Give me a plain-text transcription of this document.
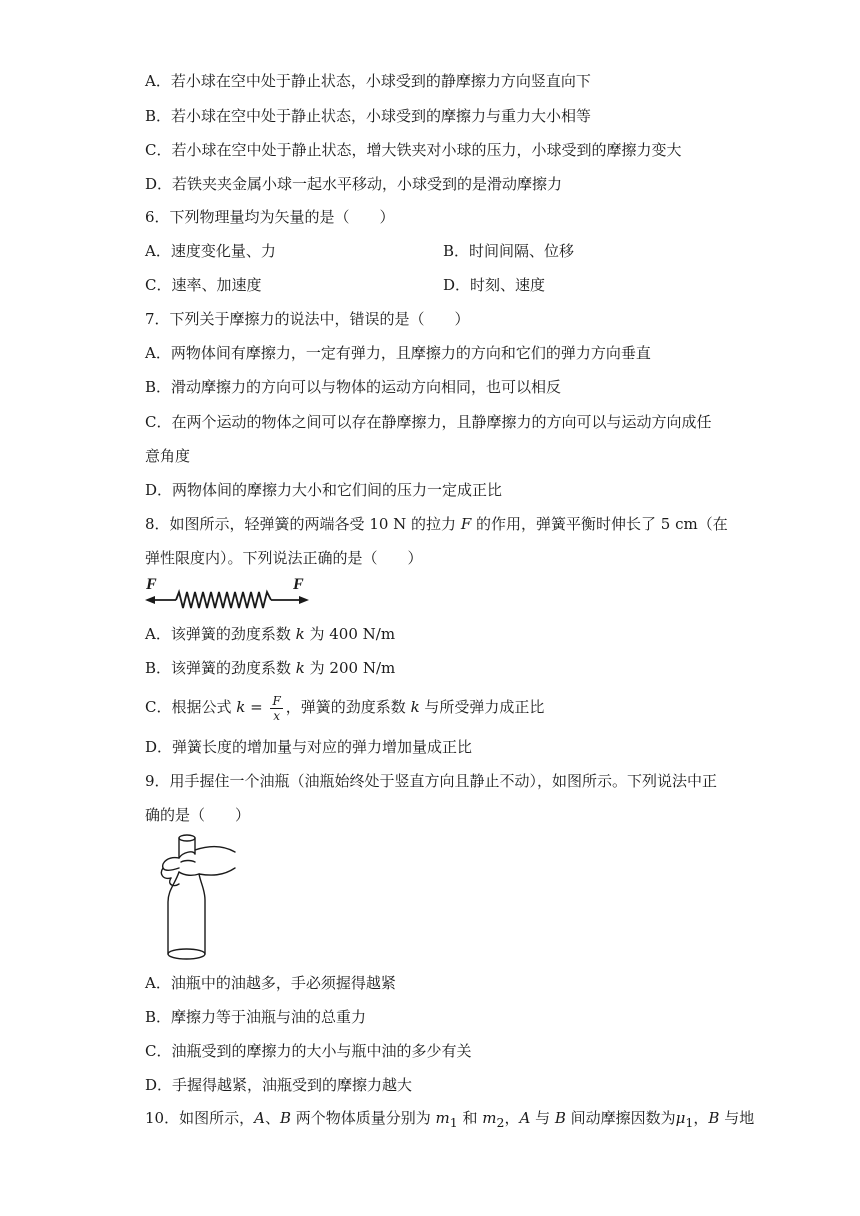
A．若小球在空中处于静止状态，小球受到的静摩擦力方向竖直向下
B．若小球在空中处于静止状态，小球受到的摩擦力与重力大小相等
C．若小球在空中处于静止状态，增大铁夹对小球的压力，小球受到的摩擦力变大
D．若铁夹夹金属小球一起水平移动，小球受到的是滑动摩擦力
6．下列物理量均为矢量的是（　　）
A．速度变化量、力	B．时间间隔、位移
C．速率、加速度	D．时刻、速度
7．下列关于摩擦力的说法中，错误的是（　　）
A．两物体间有摩擦力，一定有弹力，且摩擦力的方向和它们的弹力方向垂直
B．滑动摩擦力的方向可以与物体的运动方向相同，也可以相反
C．在两个运动的物体之间可以存在静摩擦力，且静摩擦力的方向可以与运动方向成任
意角度
D．两物体间的摩擦力大小和它们间的压力一定成正比
8．如图所示，轻弹簧的两端各受 10 N 的拉力 F 的作用，弹簧平衡时伸长了 5 cm（在
弹性限度内）。下列说法正确的是（　　）
F	F
A．该弹簧的劲度系数 k 为 400 N/m
B．该弹簧的劲度系数 k 为 200 N/m
C．根据公式 $k = \frac{F}{x}$ ，弹簧的劲度系数 k 与所受弹力成正比
D．弹簧长度的增加量与对应的弹力增加量成正比
9．用手握住一个油瓶（油瓶始终处于竖直方向且静止不动），如图所示。下列说法中正
确的是（　　）
A．油瓶中的油越多，手必须握得越紧
B．摩擦力等于油瓶与油的总重力
C．油瓶受到的摩擦力的大小与瓶中油的多少有关
D．手握得越紧，油瓶受到的摩擦力越大
10．如图所示，A、B 两个物体质量分别为 $m_1$ 和 $m_2$，A 与 B 间动摩擦因数为$\mu_1$，B 与地
